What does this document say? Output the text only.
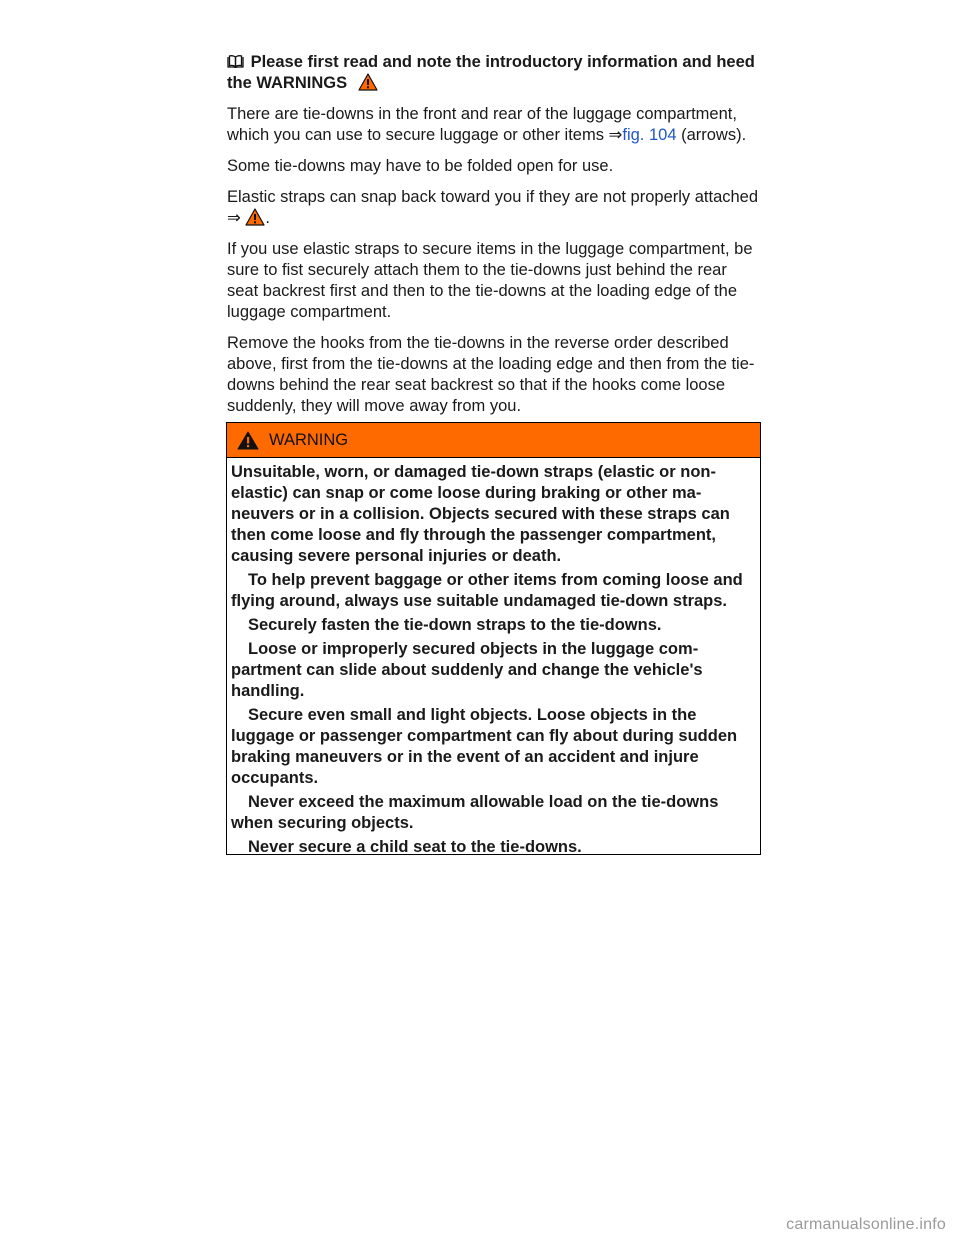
Please first read and note the introductory information and heed the WARNINGS

There are tie-downs in the front and rear of the luggage compartment, which you can use to secure luggage or other items ⇒fig. 104 (arrows).

Some tie-downs may have to be folded open for use.

Elastic straps can snap back toward you if they are not properly attached ⇒ .

If you use elastic straps to secure items in the luggage compartment, be sure to fist securely attach them to the tie-downs just behind the rear seat backrest first and then to the tie-downs at the loading edge of the luggage compartment.

Remove the hooks from the tie-downs in the reverse order described above, first from the tie-downs at the loading edge and then from the tie-downs behind the rear seat backrest so that if the hooks come loose suddenly, they will move away from you.

WARNING

Unsuitable, worn, or damaged tie-down straps (elastic or non-elastic) can snap or come loose during braking or other maneuvers or in a collision. Objects secured with these straps can then come loose and fly through the passenger compartment, causing severe personal injuries or death.

To help prevent baggage or other items from coming loose and flying around, always use suitable undamaged tie-down straps.

Securely fasten the tie-down straps to the tie-downs.

Loose or improperly secured objects in the luggage compartment can slide about suddenly and change the vehicle's handling.

Secure even small and light objects. Loose objects in the luggage or passenger compartment can fly about during sudden braking maneuvers or in the event of an accident and injure occupants.

Never exceed the maximum allowable load on the tie-downs when securing objects.

Never secure a child seat to the tie-downs.

carmanualsonline.info
